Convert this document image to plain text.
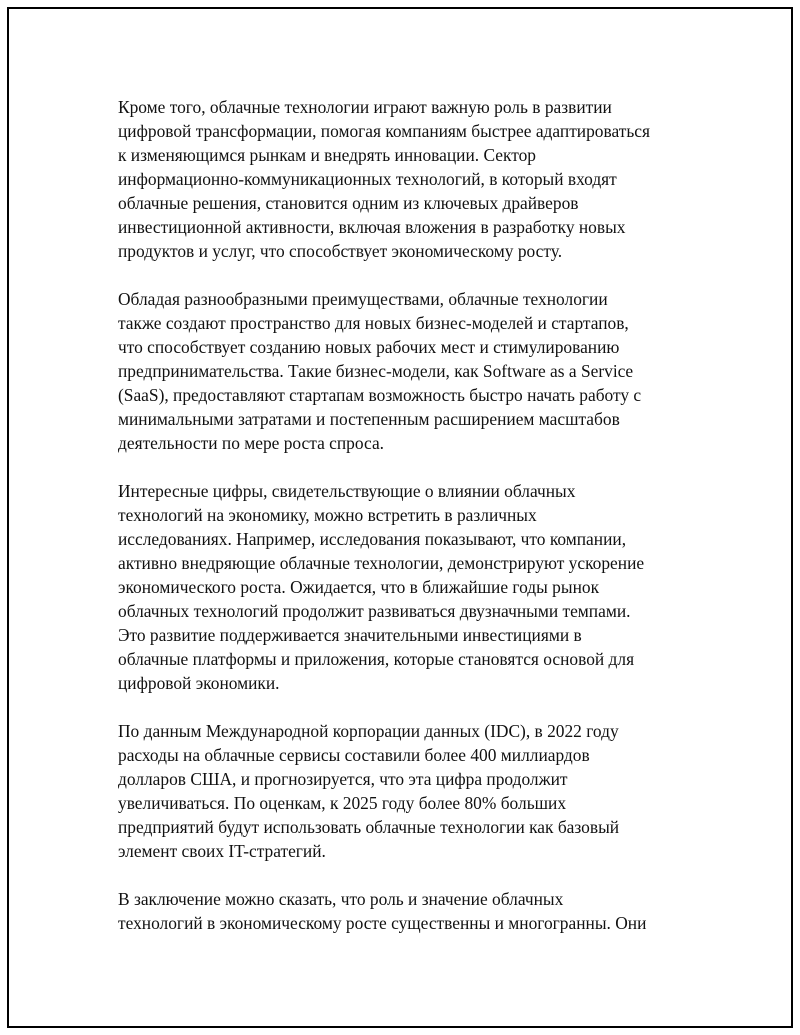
Кроме того, облачные технологии играют важную роль в развитии
цифровой трансформации, помогая компаниям быстрее адаптироваться
к изменяющимся рынкам и внедрять инновации. Сектор
информационно-коммуникационных технологий, в который входят
облачные решения, становится одним из ключевых драйверов
инвестиционной активности, включая вложения в разработку новых
продуктов и услуг, что способствует экономическому росту.

Обладая разнообразными преимуществами, облачные технологии
также создают пространство для новых бизнес-моделей и стартапов,
что способствует созданию новых рабочих мест и стимулированию
предпринимательства. Такие бизнес-модели, как Software as a Service
(SaaS), предоставляют стартапам возможность быстро начать работу с
минимальными затратами и постепенным расширением масштабов
деятельности по мере роста спроса.

Интересные цифры, свидетельствующие о влиянии облачных
технологий на экономику, можно встретить в различных
исследованиях. Например, исследования показывают, что компании,
активно внедряющие облачные технологии, демонстрируют ускорение
экономического роста. Ожидается, что в ближайшие годы рынок
облачных технологий продолжит развиваться двузначными темпами.
Это развитие поддерживается значительными инвестициями в
облачные платформы и приложения, которые становятся основой для
цифровой экономики.

По данным Международной корпорации данных (IDC), в 2022 году
расходы на облачные сервисы составили более 400 миллиардов
долларов США, и прогнозируется, что эта цифра продолжит
увеличиваться. По оценкам, к 2025 году более 80% больших
предприятий будут использовать облачные технологии как базовый
элемент своих IT-стратегий.

В заключение можно сказать, что роль и значение облачных
технологий в экономическому росте существенны и многогранны. Они
